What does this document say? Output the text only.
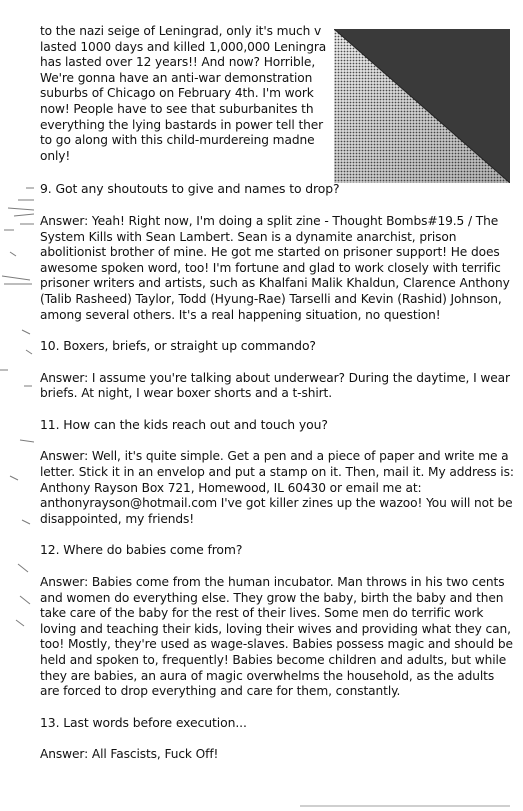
to the nazi seige of Leningrad, only it's much v
lasted 1000 days and killed 1,000,000 Leningra
has lasted over 12 years!! And now? Horrible,
We're gonna have an anti-war demonstration
suburbs of Chicago on February 4th. I'm work
now! People have to see that suburbanites th
everything the lying bastards in power tell ther
to go along with this child-murdereing madne
only!

9. Got any shoutouts to give and names to drop?

Answer: Yeah! Right now, I'm doing a split zine - Thought Bombs#19.5 / The System Kills with Sean Lambert. Sean is a dynamite anarchist, prison abolitionist brother of mine. He got me started on prisoner support! He does awesome spoken word, too! I'm fortune and glad to work closely with terrific prisoner writers and artists, such as Khalfani Malik Khaldun, Clarence Anthony (Talib Rasheed) Taylor, Todd (Hyung-Rae) Tarselli and Kevin (Rashid) Johnson, among several others. It's a real happening situation, no question!

10. Boxers, briefs, or straight up commando?

Answer: I assume you're talking about underwear? During the daytime, I wear briefs. At night, I wear boxer shorts and a t-shirt.

11. How can the kids reach out and touch you?

Answer: Well, it's quite simple. Get a pen and a piece of paper and write me a letter. Stick it in an envelop and put a stamp on it. Then, mail it. My address is: Anthony Rayson Box 721, Homewood, IL 60430 or email me at: anthonyrayson@hotmail.com I've got killer zines up the wazoo! You will not be disappointed, my friends!

12. Where do babies come from?

Answer: Babies come from the human incubator. Man throws in his two cents and women do everything else. They grow the baby, birth the baby and then take care of the baby for the rest of their lives. Some men do terrific work loving and teaching their kids, loving their wives and providing what they can, too! Mostly, they're used as wage-slaves. Babies possess magic and should be held and spoken to, frequently! Babies become children and adults, but while they are babies, an aura of magic overwhelms the household, as the adults are forced to drop everything and care for them, constantly.

13. Last words before execution...

Answer: All Fascists, Fuck Off!
